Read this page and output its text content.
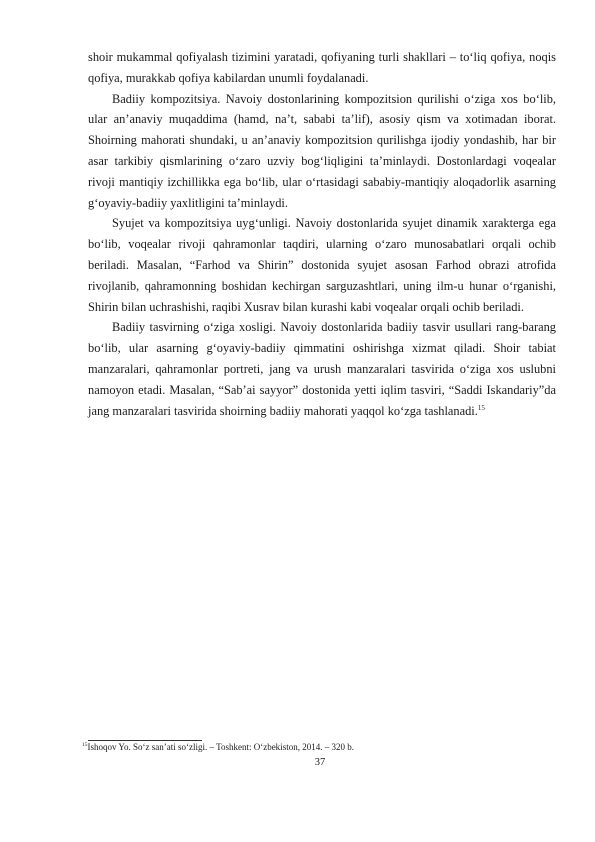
shoir mukammal qofiyalash tizimini yaratadi, qofiyaning turli shakllari – to‘liq qofiya, noqis qofiya, murakkab qofiya kabilardan unumli foydalanadi.

Badiiy kompozitsiya. Navoiy dostonlarining kompozitsion qurilishi o‘ziga xos bo‘lib, ular an’anaviy muqaddima (hamd, na’t, sababi ta’lif), asosiy qism va xotimadan iborat. Shoirning mahorati shundaki, u an’anaviy kompozitsion qurilishga ijodiy yondashib, har bir asar tarkibiy qismlarining o‘zaro uzviy bog‘liqligini ta’minlaydi. Dostonlardagi voqealar rivoji mantiqiy izchillikka ega bo‘lib, ular o‘rtasidagi sababiy-mantiqiy aloqadorlik asarning g‘oyaviy-badiiy yaxlitligini ta’minlaydi.

Syujet va kompozitsiya uyg‘unligi. Navoiy dostonlarida syujet dinamik xarakterga ega bo‘lib, voqealar rivoji qahramonlar taqdiri, ularning o‘zaro munosabatlari orqali ochib beriladi. Masalan, “Farhod va Shirin” dostonida syujet asosan Farhod obrazi atrofida rivojlanib, qahramonning boshidan kechirgan sarguzashtlari, uning ilm-u hunar o‘rganishi, Shirin bilan uchrashishi, raqibi Xusrav bilan kurashi kabi voqealar orqali ochib beriladi.

Badiiy tasvirning o‘ziga xosligi. Navoiy dostonlarida badiiy tasvir usullari rang-barang bo‘lib, ular asarning g‘oyaviy-badiiy qimmatini oshirishga xizmat qiladi. Shoir tabiat manzaralari, qahramonlar portreti, jang va urush manzaralari tasvirida o‘ziga xos uslubni namoyon etadi. Masalan, “Sab’ai sayyor” dostonida yetti iqlim tasviri, “Saddi Iskandariy”da jang manzaralari tasvirida shoirning badiiy mahorati yaqqol ko‘zga tashlanadi.$^{15}$

$^{15}$Ishoqov Yo. So‘z san’ati so‘zligi. – Toshkent: O‘zbekiston, 2014. – 320 b.
37
